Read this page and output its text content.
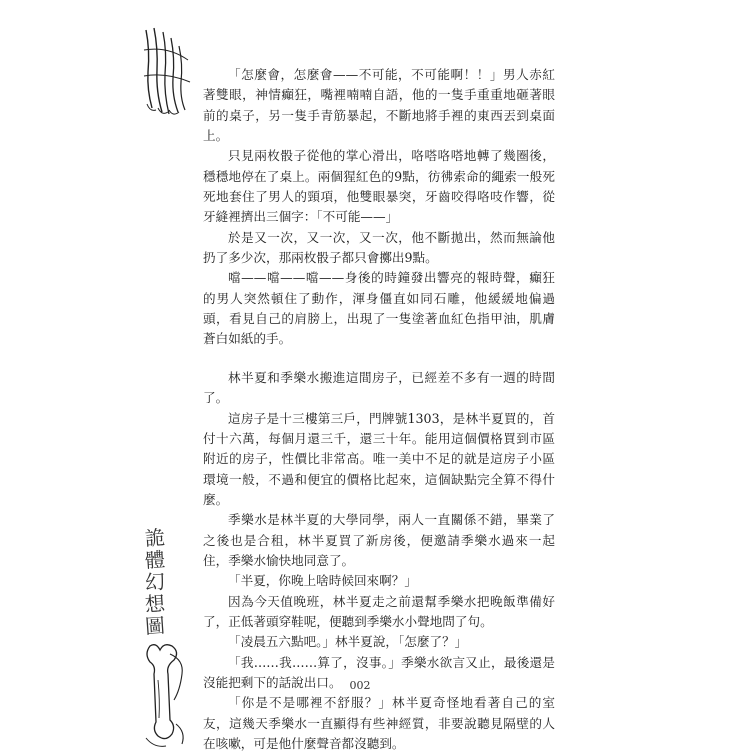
詭
體
幻
想
圖

「怎麼會，怎麼會——不可能，不可能啊！！」男人赤紅著雙眼，神情癲狂，嘴裡喃喃自語，他的一隻手重重地砸著眼前的桌子，另一隻手青筋暴起，不斷地將手裡的東西丟到桌面上。

只見兩枚骰子從他的掌心滑出，咯嗒咯嗒地轉了幾圈後，穩穩地停在了桌上。兩個猩紅色的9點，彷彿索命的繩索一般死死地套住了男人的頸項，他雙眼暴突，牙齒咬得咯吱作響，從牙縫裡擠出三個字：「不可能——」

於是又一次，又一次，又一次，他不斷拋出，然而無論他扔了多少次，那兩枚骰子都只會擲出9點。

噹——噹——噹——身後的時鐘發出響亮的報時聲，癲狂的男人突然頓住了動作，渾身僵直如同石雕，他緩緩地偏過頭，看見自己的肩膀上，出現了一隻塗著血紅色指甲油，肌膚蒼白如紙的手。

林半夏和季樂水搬進這間房子，已經差不多有一週的時間了。

這房子是十三樓第三戶，門牌號1303，是林半夏買的，首付十六萬，每個月還三千，還三十年。能用這個價格買到市區附近的房子，性價比非常高。唯一美中不足的就是這房子小區環境一般，不過和便宜的價格比起來，這個缺點完全算不得什麼。

季樂水是林半夏的大學同學，兩人一直關係不錯，畢業了之後也是合租，林半夏買了新房後，便邀請季樂水過來一起住，季樂水愉快地同意了。

「半夏，你晚上啥時候回來啊？」

因為今天值晚班，林半夏走之前還幫季樂水把晚飯準備好了，正低著頭穿鞋呢，便聽到季樂水小聲地問了句。

「凌晨五六點吧。」林半夏說，「怎麼了？」

「我……我……算了，沒事。」季樂水欲言又止，最後還是沒能把剩下的話說出口。

「你是不是哪裡不舒服？」林半夏奇怪地看著自己的室友，這幾天季樂水一直顯得有些神經質，非要說聽見隔壁的人在咳嗽，可是他什麼聲音都沒聽到。

002
